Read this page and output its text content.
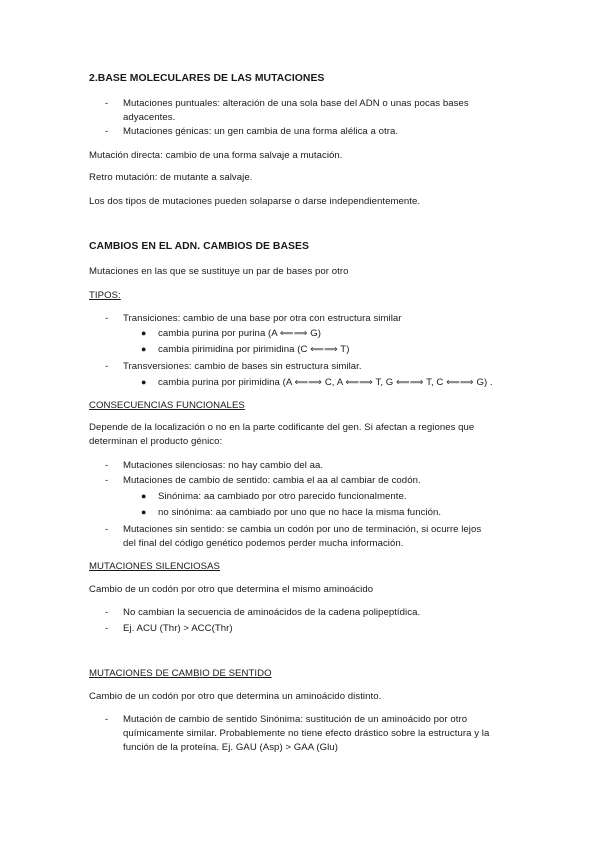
2.BASE MOLECULARES DE LAS MUTACIONES
- Mutaciones puntuales: alteración de una sola base del ADN o unas pocas bases
adyacentes.
- Mutaciones génicas: un gen cambia de una forma alélica a otra.
Mutación directa: cambio de una forma salvaje a mutación.
Retro mutación: de mutante a salvaje.
Los dos tipos de mutaciones pueden solaparse o darse independientemente.
CAMBIOS EN EL ADN. CAMBIOS DE BASES
Mutaciones en las que se sustituye un par de bases por otro
TIPOS:
- Transiciones: cambio de una base por otra con estructura similar
● cambia purina por purina (A ⟸⟹ G)
● cambia pirimidina por pirimidina (C ⟸⟹ T)
- Transversiones: cambio de bases sin estructura similar.
● cambia purina por pirimidina (A ⟸⟹ C, A ⟸⟹ T, G ⟸⟹ T, C ⟸⟹ G) .
CONSECUENCIAS FUNCIONALES
Depende de la localización o no en la parte codificante del gen. Si afectan a regiones que
determinan el producto génico:
- Mutaciones silenciosas: no hay cambio del aa.
- Mutaciones de cambio de sentido: cambia el aa al cambiar de codón.
● Sinónima: aa cambiado por otro parecido funcionalmente.
● no sinónima: aa cambiado por uno que no hace la misma función.
- Mutaciones sin sentido: se cambia un codón por uno de terminación, si ocurre lejos
del final del código genético podemos perder mucha información.
MUTACIONES SILENCIOSAS
Cambio de un codón por otro que determina el mismo aminoácido
- No cambian la secuencia de aminoácidos de la cadena polipeptídica.
- Ej. ACU (Thr) > ACC(Thr)
MUTACIONES DE CAMBIO DE SENTIDO
Cambio de un codón por otro que determina un aminoácido distinto.
- Mutación de cambio de sentido Sinónima: sustitución de un aminoácido por otro
químicamente similar. Probablemente no tiene efecto drástico sobre la estructura y la
función de la proteína. Ej. GAU (Asp) > GAA (Glu)
